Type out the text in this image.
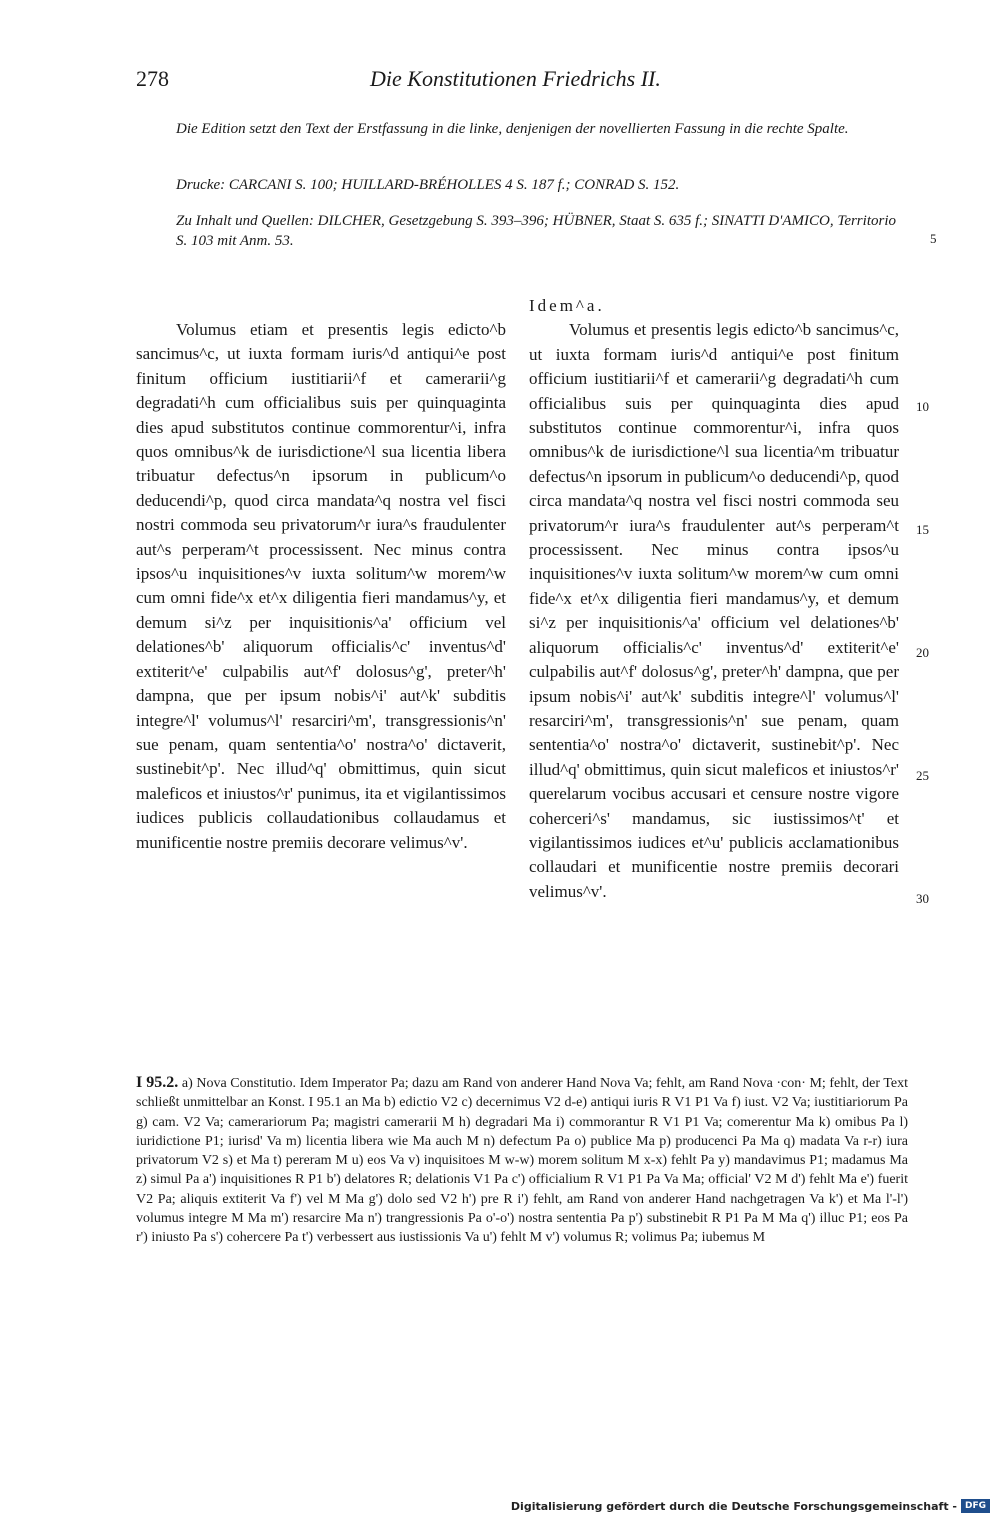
278	Die Konstitutionen Friedrichs II.
Die Edition setzt den Text der Erstfassung in die linke, denjenigen der novellierten Fassung in die rechte Spalte.
Drucke: CARCANI S. 100; HUILLARD-BRÉHOLLES 4 S. 187 f.; CONRAD S. 152.
Zu Inhalt und Quellen: DILCHER, Gesetzgebung S. 393–396; HÜBNER, Staat S. 635 f.; SINATTI D'AMICO, Territorio S. 103 mit Anm. 53.	5
10
15
20
25
30

Volumus etiam et presentis legis edicto^b sancimus^c, ut iuxta formam iuris^d antiqui^e post finitum officium iustitiarii^f et camerarii^g degradati^h cum officialibus suis per quinquaginta dies apud substitutos continue commorentur^i, infra quos omnibus^k de iurisdictione^l sua licentia libera tribuatur defectus^n ipsorum in publicum^o deducendi^p, quod circa mandata^q nostra vel fisci nostri commoda seu privatorum^r iura^s fraudulenter aut^s perperam^t processissent. Nec minus contra ipsos^u inquisitiones^v iuxta solitum^w morem^w cum omni fide^x et^x diligentia fieri mandamus^y, et demum si^z per inquisitionis^a' officium vel delationes^b' aliquorum officialis^c' inventus^d' extiterit^e' culpabilis aut^f' dolosus^g', preter^h' dampna, que per ipsum nobis^i' aut^k' subditis integre^l' volumus^l' resarciri^m', transgressionis^n' sue penam, quam sententia^o' nostra^o' dictaverit, sustinebit^p'. Nec illud^q' obmittimus, quin sicut maleficos et iniustos^r' punimus, ita et vigilantissimos iudices publicis collaudationibus collaudamus et munificentie nostre premiis decorare velimus^v'.

Idem^a.

Volumus et presentis legis edicto^b sancimus^c, ut iuxta formam iuris^d antiqui^e post finitum officium iustitiarii^f et camerarii^g degradati^h cum officialibus suis per quinquaginta dies apud substitutos continue commorentur^i, infra quos omnibus^k de iurisdictione^l sua licentia^m tribuatur defectus^n ipsorum in publicum^o deducendi^p, quod circa mandata^q nostra vel fisci nostri commoda seu privatorum^r iura^s fraudulenter aut^s perperam^t processissent. Nec minus contra ipsos^u inquisitiones^v iuxta solitum^w morem^w cum omni fide^x et^x diligentia fieri mandamus^y, et demum si^z per inquisitionis^a' officium vel delationes^b' aliquorum officialis^c' inventus^d' extiterit^e' culpabilis aut^f' dolosus^g', preter^h' dampna, que per ipsum nobis^i' aut^k' subditis integre^l' volumus^l' resarciri^m', transgressionis^n' sue penam, quam sententia^o' nostra^o' dictaverit, sustinebit^p'. Nec illud^q' obmittimus, quin sicut maleficos et iniustos^r' querelarum vocibus accusari et censure nostre vigore coherceri^s' mandamus, sic iustissimos^t' et vigilantissimos iudices et^u' publicis acclamationibus collaudari et munificentie nostre premiis decorari velimus^v'.

I 95.2. a) Nova Constitutio. Idem Imperator Pa; dazu am Rand von anderer Hand Nova Va; fehlt, am Rand Nova ·con· M; fehlt, der Text schließt unmittelbar an Konst. I 95.1 an Ma b) edictio V2 c) decernimus V2 d-e) antiqui iuris R V1 P1 Va f) iust. V2 Va; iustitiariorum Pa g) cam. V2 Va; camerariorum Pa; magistri camerarii M h) degradari Ma i) commorantur R V1 P1 Va; comerentur Ma k) omibus Pa l) iuridictione P1; iurisd' Va m) licentia libera wie Ma auch M n) defectum Pa o) publice Ma p) producenci Pa Ma q) madata Va r-r) iura privatorum V2 s) et Ma t) pereram M u) eos Va v) inquisitoes M w-w) morem solitum M x-x) fehlt Pa y) mandavimus P1; madamus Ma z) simul Pa a') inquisitiones R P1 b') delatores R; delationis V1 Pa c') officialium R V1 P1 Pa Va Ma; official' V2 M d') fehlt Ma e') fuerit V2 Pa; aliquis extiterit Va f') vel M Ma g') dolo sed V2 h') pre R i') fehlt, am Rand von anderer Hand nachgetragen Va k') et Ma l'-l') volumus integre M Ma m') resarcire Ma n') trangressionis Pa o'-o') nostra sententia Pa p') substinebit R P1 Pa M Ma q') illuc P1; eos Pa r') iniusto Pa s') cohercere Pa t') verbessert aus iustissionis Va u') fehlt M v') volumus R; volimus Pa; iubemus M
Digitalisierung gefördert durch die Deutsche Forschungsgemeinschaft - DFG
